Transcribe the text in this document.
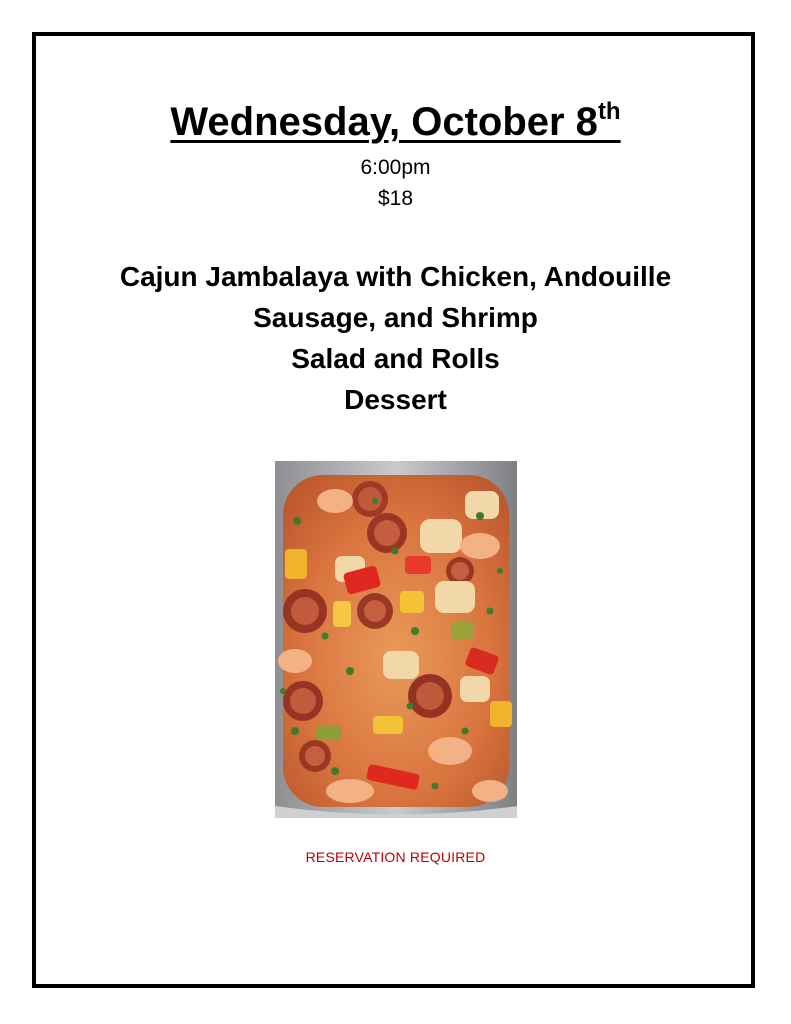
Wednesday, October 8th
6:00pm
$18
Cajun Jambalaya with Chicken, Andouille
Sausage, and Shrimp
Salad and Rolls
Dessert
RESERVATION REQUIRED
